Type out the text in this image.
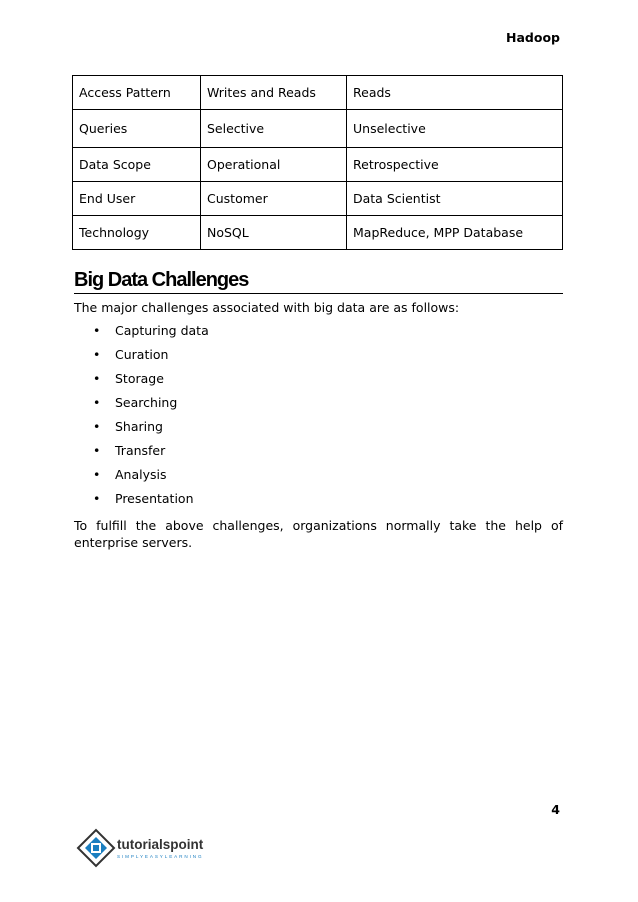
Hadoop
Access Pattern	Writes and Reads	Reads
Queries	Selective	Unselective
Data Scope	Operational	Retrospective
End User	Customer	Data Scientist
Technology	NoSQL	MapReduce, MPP Database
Big Data Challenges

The major challenges associated with big data are as follows:

• Capturing data
• Curation
• Storage
• Searching
• Sharing
• Transfer
• Analysis
• Presentation

To fulfill the above challenges, organizations normally take the help of enterprise servers.

4
tutorialspoint
SIMPLYEASYLEARNING
